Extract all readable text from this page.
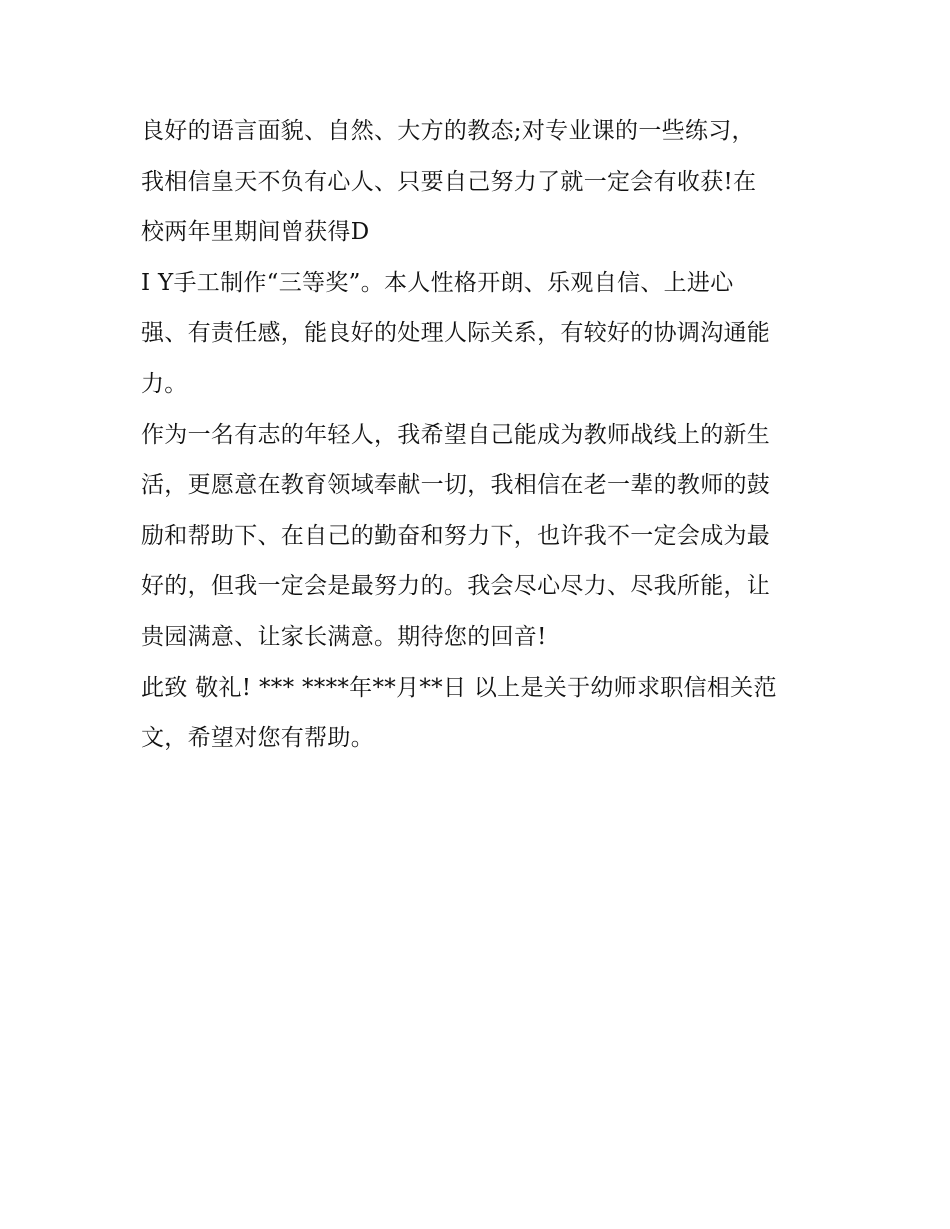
良好的语言面貌、自然、大方的教态;对专业课的一些练习，
我相信皇天不负有心人、只要自己努力了就一定会有收获!在
校两年里期间曾获得D
I Y手工制作“三等奖”。本人性格开朗、乐观自信、上进心
强、有责任感，能良好的处理人际关系，有较好的协调沟通能
力。
作为一名有志的年轻人，我希望自己能成为教师战线上的新生
活，更愿意在教育领域奉献一切，我相信在老一辈的教师的鼓
励和帮助下、在自己的勤奋和努力下，也许我不一定会成为最
好的，但我一定会是最努力的。我会尽心尽力、尽我所能，让
贵园满意、让家长满意。期待您的回音!
此致 敬礼! *** ****年**月**日 以上是关于幼师求职信相关范
文，希望对您有帮助。
